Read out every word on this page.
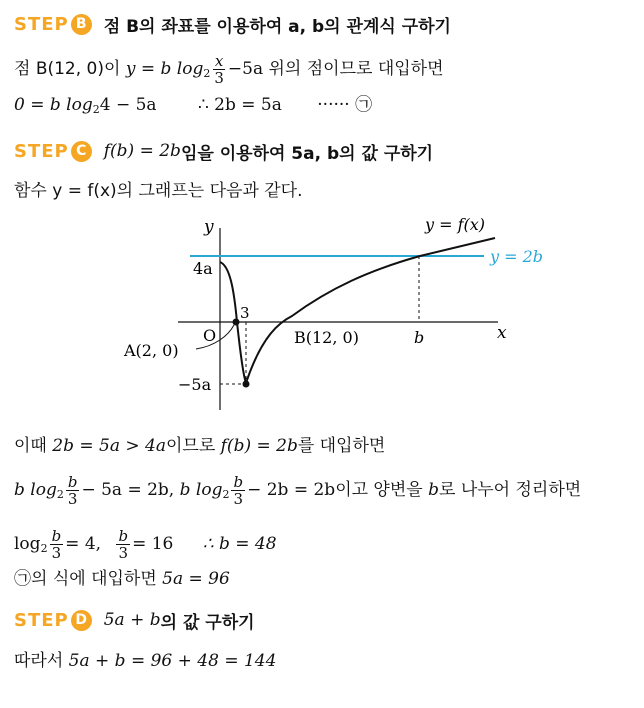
STEP B	점 B의 좌표를 이용하여 a, b의 관계식 구하기
점 B(12, 0)이 y = b $\log_2 \frac{x}{3} -5a$ 위의 점이므로 대입하면
0 = b $\log_24 - 5a$ ∴ 2b = 5a ······ ㉠
STEP C	f(b) = 2b 임을 이용하여 5a, b의 값 구하기
함수 y = f(x)의 그래프는 다음과 같다.
y
x
O
y = f(x)
y = 2b
4a
−5a
3
B(12, 0)	b
A(2, 0)
이때 2b = 5a > 4a이므로 f(b) = 2b를 대입하면
b $\log_2 \frac{b}{3} - 5a = 2b$, b $\log_2 \frac{b}{3} - 2b = 2b$이고 양변을 b로 나누어 정리하면
$\log_2 \frac{b}{3} = 4$, $\frac{b}{3} = 16$ ∴ b = 48
㉠의 식에 대입하면 5a = 96
STEP D 5a + b 의 값 구하기
따라서 5a + b = 96 + 48 = 144
